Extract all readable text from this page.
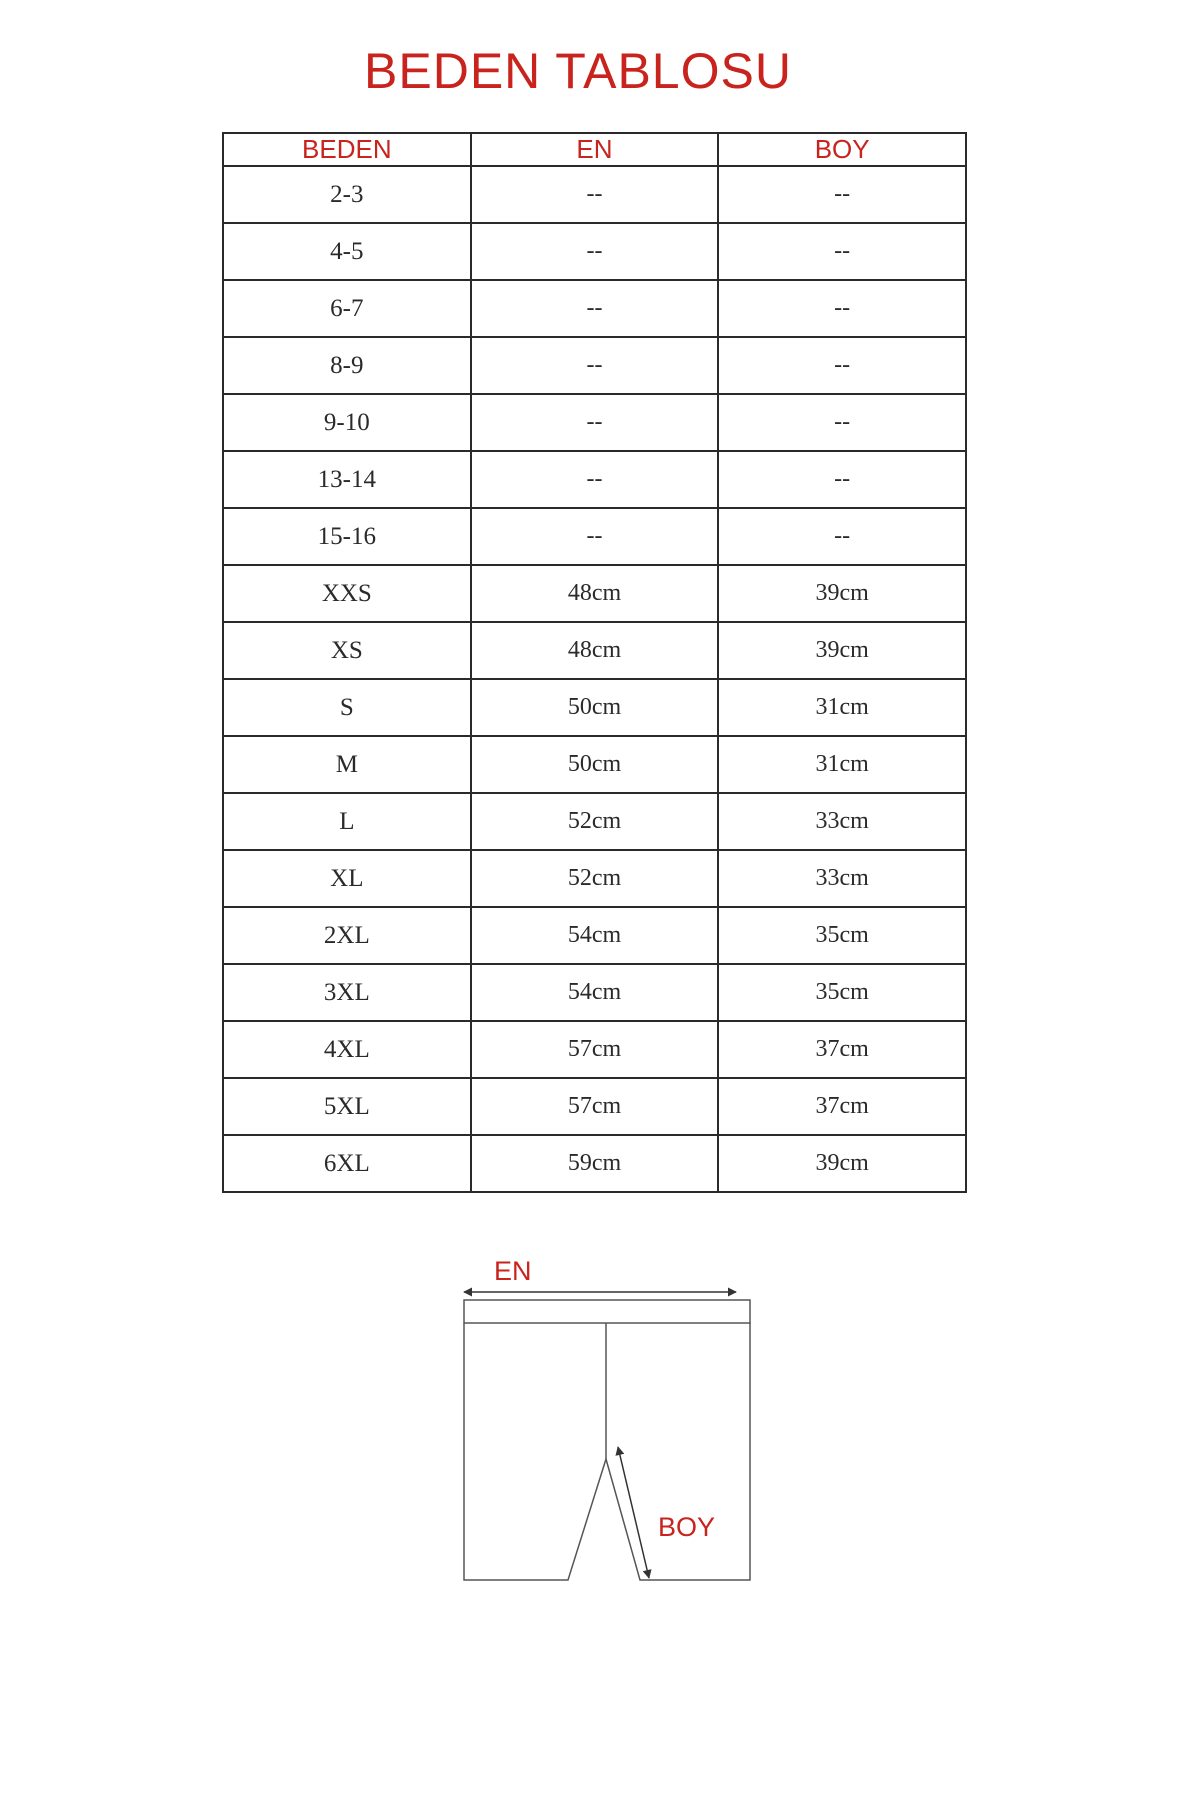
BEDEN TABLOSU
BEDEN	EN	BOY
2-3	--	--
4-5	--	--
6-7	--	--
8-9	--	--
9-10	--	--
13-14	--	--
15-16	--	--
XXS	48cm	39cm
XS	48cm	39cm
S	50cm	31cm
M	50cm	31cm
L	52cm	33cm
XL	52cm	33cm
2XL	54cm	35cm
3XL	54cm	35cm
4XL	57cm	37cm
5XL	57cm	37cm
6XL	59cm	39cm
EN
BOY
